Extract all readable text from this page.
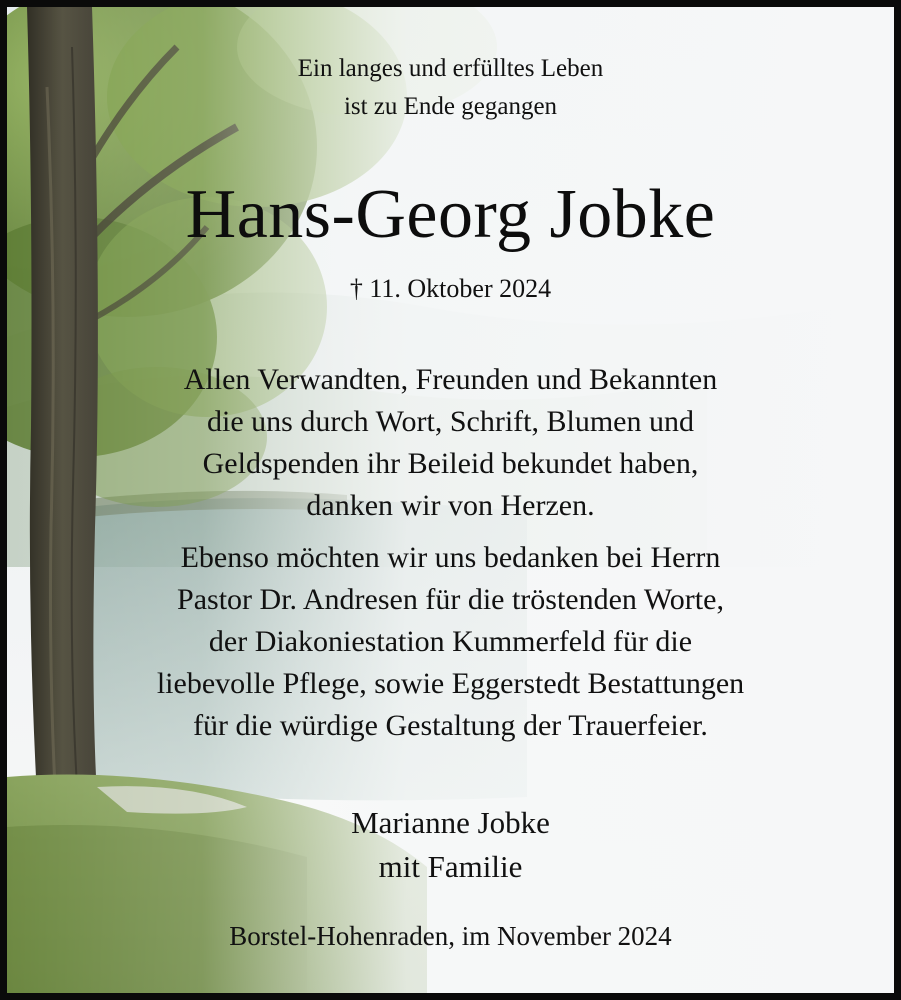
Ein langes und erfülltes Leben
ist zu Ende gegangen
Hans-Georg Jobke
† 11. Oktober 2024
Allen Verwandten, Freunden und Bekannten
die uns durch Wort, Schrift, Blumen und
Geldspenden ihr Beileid bekundet haben,
danken wir von Herzen.
Ebenso möchten wir uns bedanken bei Herrn
Pastor Dr. Andresen für die tröstenden Worte,
der Diakoniestation Kummerfeld für die
liebevolle Pflege, sowie Eggerstedt Bestattungen
für die würdige Gestaltung der Trauerfeier.
Marianne Jobke
mit Familie
Borstel-Hohenraden, im November 2024
